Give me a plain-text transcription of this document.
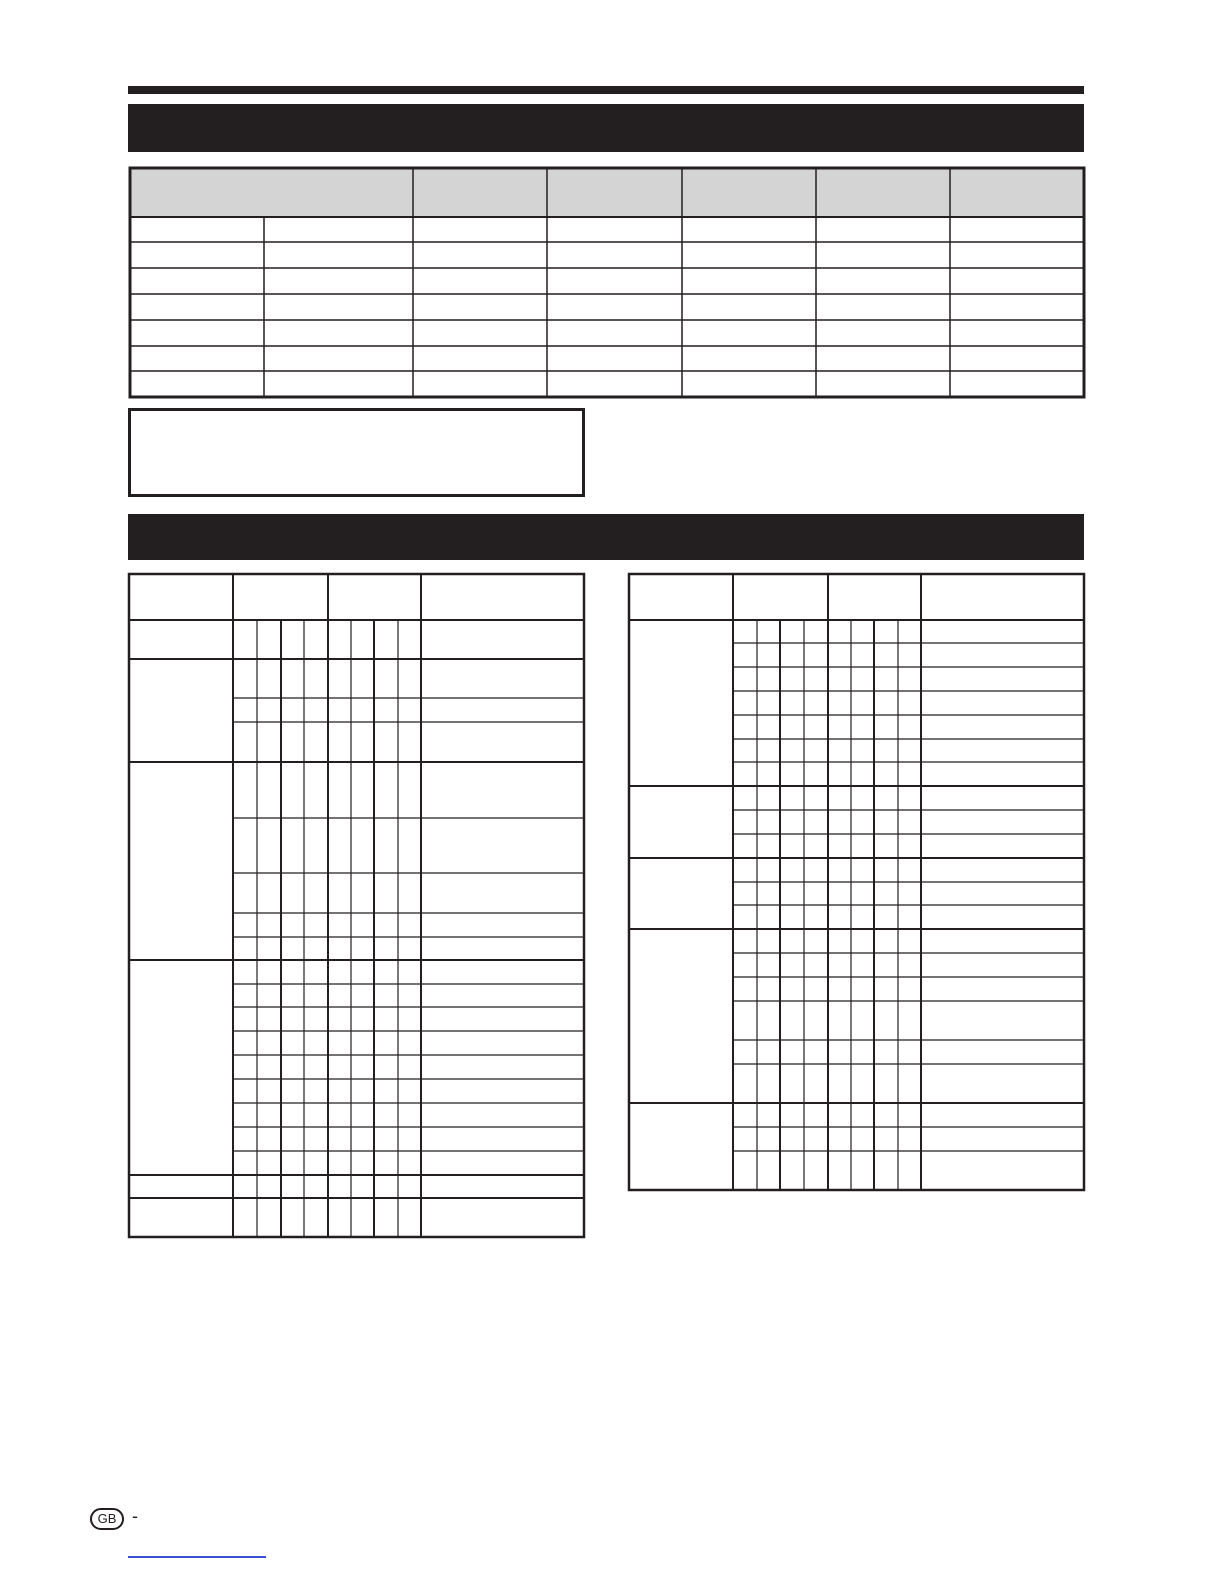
GB -
